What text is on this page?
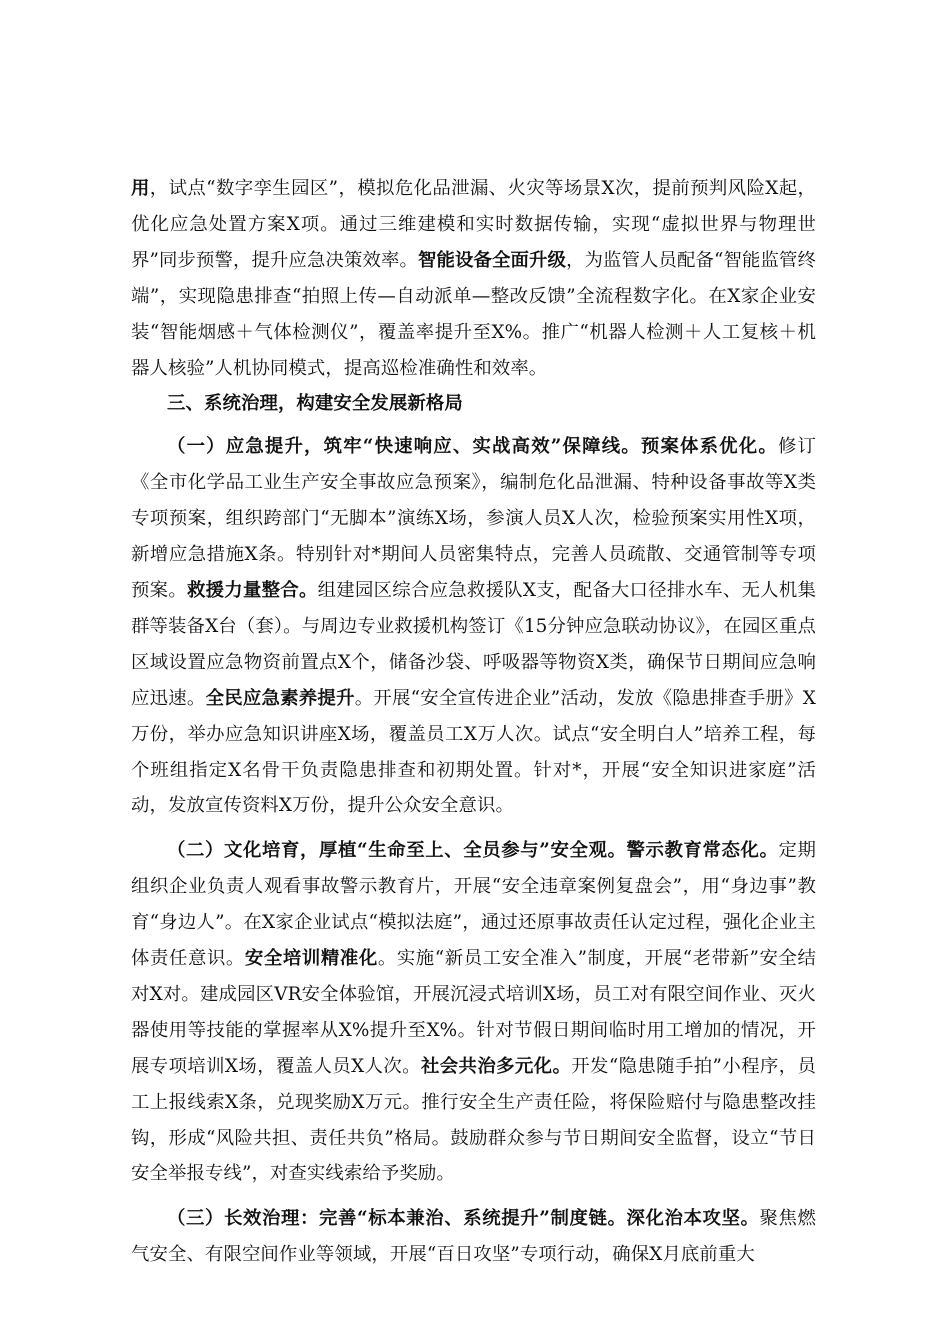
用，试点“数字孪生园区”，模拟危化品泄漏、火灾等场景X次，提前预判风险X起，优化应急处置方案X项。通过三维建模和实时数据传输，实现“虚拟世界与物理世界”同步预警，提升应急决策效率。智能设备全面升级，为监管人员配备“智能监管终端”，实现隐患排查“拍照上传—自动派单—整改反馈”全流程数字化。在X家企业安装“智能烟感＋气体检测仪”，覆盖率提升至X%。推广“机器人检测＋人工复核＋机器人核验”人机协同模式，提高巡检准确性和效率。

三、系统治理，构建安全发展新格局

（一）应急提升，筑牢“快速响应、实战高效”保障线。预案体系优化。修订《全市化学品工业生产安全事故应急预案》，编制危化品泄漏、特种设备事故等X类专项预案，组织跨部门“无脚本”演练X场，参演人员X人次，检验预案实用性X项，新增应急措施X条。特别针对*期间人员密集特点，完善人员疏散、交通管制等专项预案。救援力量整合。组建园区综合应急救援队X支，配备大口径排水车、无人机集群等装备X台（套）。与周边专业救援机构签订《15分钟应急联动协议》，在园区重点区域设置应急物资前置点X个，储备沙袋、呼吸器等物资X类，确保节日期间应急响应迅速。全民应急素养提升。开展“安全宣传进企业”活动，发放《隐患排查手册》X万份，举办应急知识讲座X场，覆盖员工X万人次。试点“安全明白人”培养工程，每个班组指定X名骨干负责隐患排查和初期处置。针对*，开展“安全知识进家庭”活动，发放宣传资料X万份，提升公众安全意识。

（二）文化培育，厚植“生命至上、全员参与”安全观。警示教育常态化。定期组织企业负责人观看事故警示教育片，开展“安全违章案例复盘会”，用“身边事”教育“身边人”。在X家企业试点“模拟法庭”，通过还原事故责任认定过程，强化企业主体责任意识。安全培训精准化。实施“新员工安全准入”制度，开展“老带新”安全结对X对。建成园区VR安全体验馆，开展沉浸式培训X场，员工对有限空间作业、灭火器使用等技能的掌握率从X%提升至X%。针对节假日期间临时用工增加的情况，开展专项培训X场，覆盖人员X人次。社会共治多元化。开发“隐患随手拍”小程序，员工上报线索X条，兑现奖励X万元。推行安全生产责任险，将保险赔付与隐患整改挂钩，形成“风险共担、责任共负”格局。鼓励群众参与节日期间安全监督，设立“节日安全举报专线”，对查实线索给予奖励。

（三）长效治理：完善“标本兼治、系统提升”制度链。深化治本攻坚。聚焦燃气安全、有限空间作业等领域，开展“百日攻坚”专项行动，确保X月底前重大
